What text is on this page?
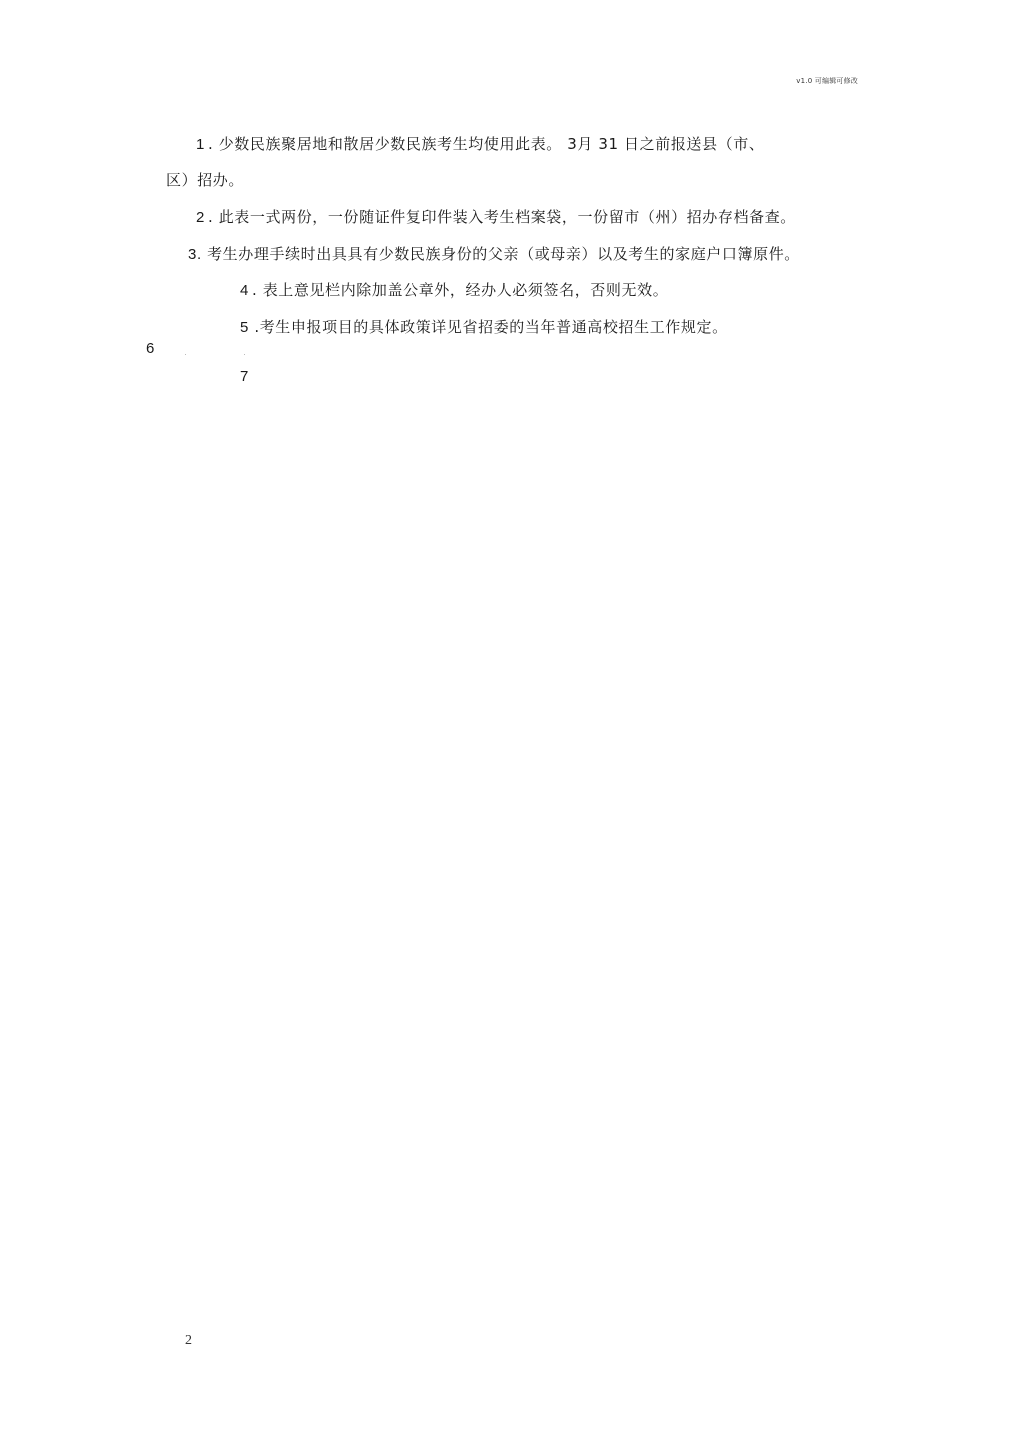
v1.0 可编辑可修改
1 . 少数民族聚居地和散居少数民族考生均使用此表。 3月 31 日之前报送县（市、
区）招办。
2 . 此表一式两份，一份随证件复印件装入考生档案袋，一份留市（州）招办存档备查。
3. 考生办理手续时出具具有少数民族身份的父亲（或母亲）以及考生的家庭户口簿原件。
4 . 表上意见栏内除加盖公章外，经办人必须签名，否则无效。
5 .考生申报项目的具体政策详见省招委的当年普通高校招生工作规定。
6
7
2
